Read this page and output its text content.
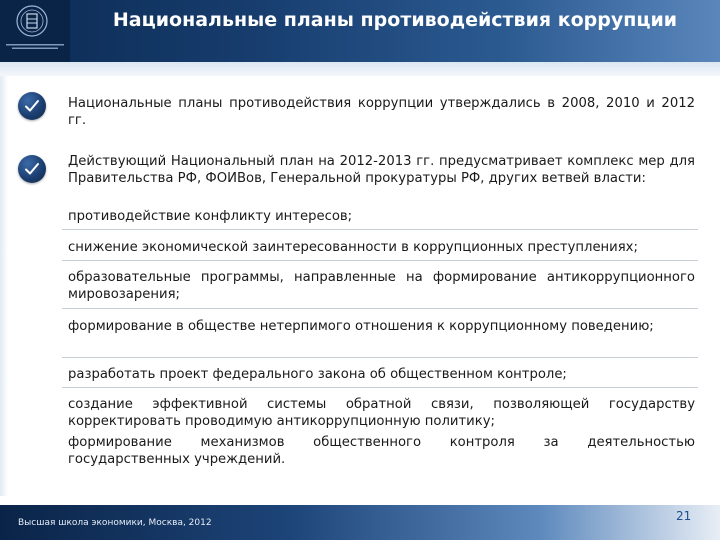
Национальные планы противодействия коррупции

Национальные планы противодействия коррупции утверждались в 2008, 2010 и 2012 гг.

Действующий Национальный план на 2012-2013 гг. предусматривает комплекс мер для Правительства РФ, ФОИВов, Генеральной прокуратуры РФ, других ветвей власти:

противодействие конфликту интересов;

снижение экономической заинтересованности в коррупционных преступлениях;

образовательные программы, направленные на формирование антикоррупционного мировозарения;

формирование в обществе нетерпимого отношения к коррупционному поведению;

разработать проект федерального закона об общественном контроле;

создание эффективной системы обратной связи, позволяющей государству корректировать проводимую антикоррупционную политику;

формирование механизмов общественного контроля за деятельностью государственных учреждений.

Высшая школа экономики, Москва, 2012	21
